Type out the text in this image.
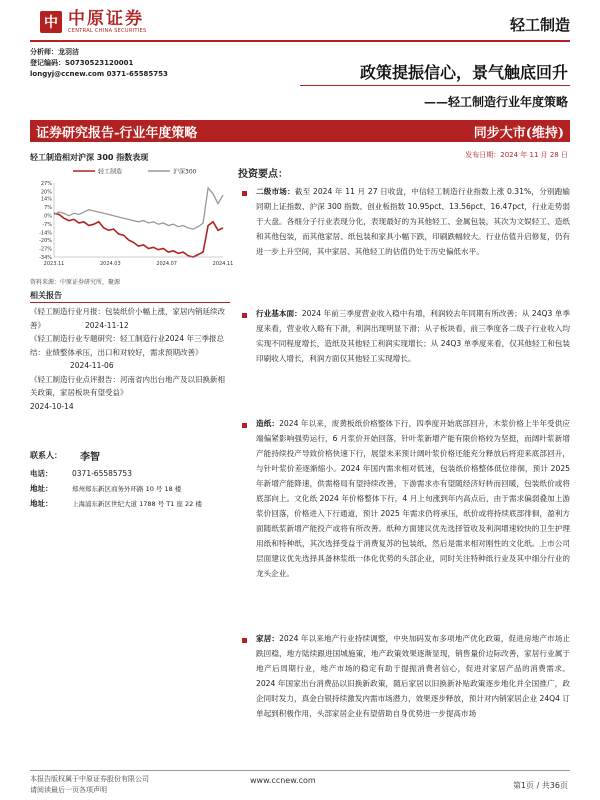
中 中原证券
CENTRAL CHINA SECURITIES	轻工制造
分析师：龙羽洁
登记编码：S0730523120001
longyj@ccnew.com 0371-65585753	政策提振信心，景气触底回升
——轻工制造行业年度策略
证券研究报告-行业年度策略	同步大市(维持)
轻工制造相对沪深 300 指数表现	发布日期：2024 年 11 月 28 日
轻工制造	沪深300
27%
20%
14%
7%
0%
-7%
-14%
-20%
-27%
-34%
2023.11	2024.03	2024.07	2024.11
资料来源：中原证券研究所，聚源
相关报告
《轻工制造行业月报：包装纸价小幅上涨，家居内销延续改善》	2024-11-12
《轻工制造行业专题研究：轻工制造行业2024 年三季报总结：业绩整体承压，出口和对较好，需求预期改善》2024-11-06
《轻工制造行业点评报告：河南省内出台地产及以旧换新相关政策，家居板块有望受益》
2024-10-14
联系人： 李智
电话：	0371-65585753
地址：	郑州郑东新区商务外环路 10 号 18 楼
地址：	上海浦东新区世纪大道 1788 号 T1 座 22 楼
投资要点：
二级市场：截至 2024 年 11 月 27 日收盘，中信轻工制造行业指数上涨 0.31%，分别跑输同期上证指数、沪深 300 指数、创业板指数 10.95pct、13.56pct、16.47pct，行业走势弱于大盘。各细分子行业表现分化，表现最好的为其他轻工、金属包装，其次为文娱轻工、造纸和其他包装，而其他家居、纸包装和家具小幅下跌，印刷跌幅较大。行业估值升启修复，仍有进一步上升空间，其中家居、其他轻工的估值仍处于历史偏低水平。
行业基本面：2024 年前三季度营业收入稳中有增，利润较去年同期有所改善；从 24Q3 单季度来看，营业收入略有下滑，利润出现明显下滑；从子板块看，前三季度各二级子行业收入均实现不同程度增长，造纸及其他轻工利润实现增长；从 24Q3 单季度来看，仅其他轻工和包装印刷收入增长，利润方面仅其他轻工实现增长。
造纸：2024 年以来，废黄板纸价格整体下行，四季度开始底部回升，木浆价格上半年受供应端偏紧影响强势运行，6 月浆价开始回落，针叶浆新增产能有限价格较为坚挺，而阔叶浆新增产能持续投产导致价格快速下行，展望未来预计阔叶浆价格还能充分释放后将迎来底部回升，与针叶浆价差逐渐缩小。2024 年国内需求相对低迷，包装纸价格整体低位徘徊，预计 2025 年新增产能降速，供需格局有望持续改善，下游需求亦有望随经济好转而回暖，包装纸价或将底部向上。文化纸 2024 年价格整体下行，4 月上旬涨到年内高点后，由于需求偏弱叠加上游浆价回落，价格进入下行通道，预计 2025 年需求仍将承压，纸价或将持续底部徘徊，盈利方面随纸浆新增产能投产或将有所改善。纸种方面建议优先选择管收及利润增速较快的卫生护理用纸和特种纸，其次选择受益于消费复苏的包装纸，然后是需求相对刚性的文化纸。上市公司层面建议优先选择具备林浆纸一体化优势的头部企业，同时关注特种纸行业及其中细分行业的龙头企业。
家居：2024 年以来地产行业持续调整，中央加码发布多项地产优化政策，促进房地产市场止跌回稳，地方陆续跟进国城施策，地产政策效果逐渐显现，销售量价边际改善，家居行业属于地产后周期行业，地产市场的稳定有助于提振消费者信心，促进对家居产品的消费需求。2024 年国家出台消费品以旧换新政策，随后家居以旧换新补贴政策逐步地化并全国推广，政企同时发力，真金白银持续激发内需市场潜力，效果逐步释放，预计对内销家居企业 24Q4 订单起到积极作用，头部家居企业有望借助自身优势进一步提高市场
本报告版权属于中原证券股份有限公司
请阅读最后一页各项声明
www.ccnew.com
第1页 / 共36页
